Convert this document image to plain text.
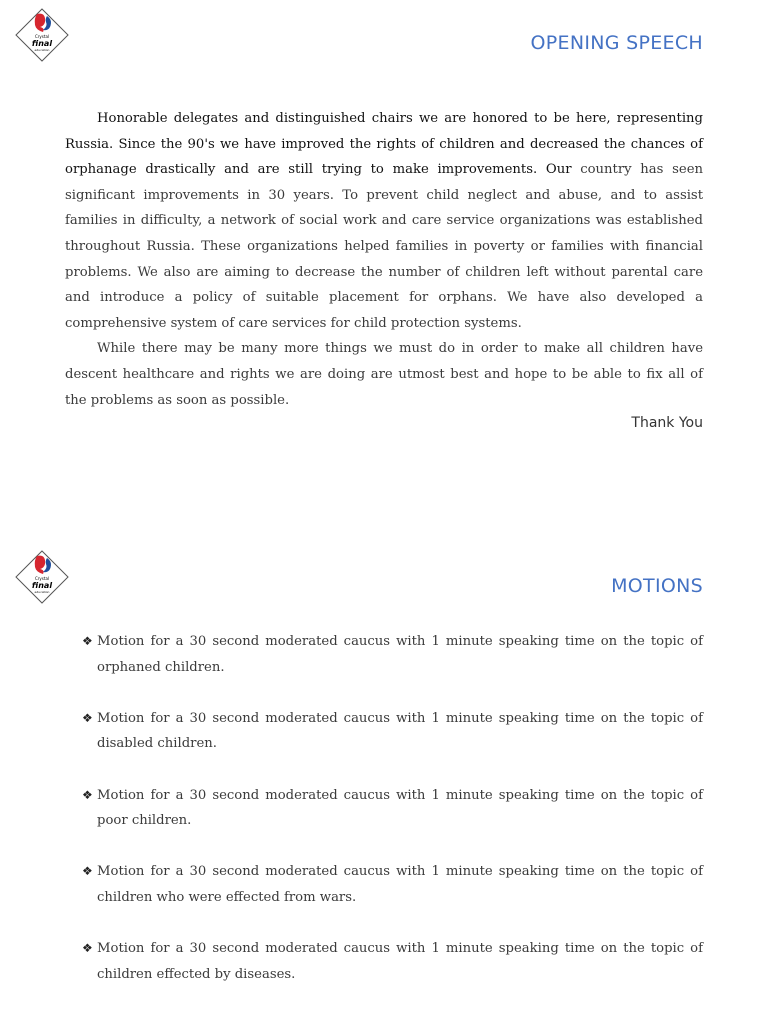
Crystal
final
education	OPENING SPEECH

Honorable delegates and distinguished chairs we are honored to be here, representing Russia. Since the 90's we have improved the rights of children and decreased the chances of orphanage drastically and are still trying to make improvements. Our country has seen significant improvements in 30 years. To prevent child neglect and abuse, and to assist families in difficulty, a network of social work and care service organizations was established throughout Russia. These organizations helped families in poverty or families with financial problems. We also are aiming to decrease the number of children left without parental care and introduce a policy of suitable placement for orphans. We have also developed a comprehensive system of care services for child protection systems.

While there may be many more things we must do in order to make all children have descent healthcare and rights we are doing are utmost best and hope to be able to fix all of the problems as soon as possible.

Thank You
Crystal
final
education	MOTIONS
❖ Motion for a 30 second moderated caucus with 1 minute speaking time on the topic of orphaned children.
❖ Motion for a 30 second moderated caucus with 1 minute speaking time on the topic of disabled children.
❖ Motion for a 30 second moderated caucus with 1 minute speaking time on the topic of poor children.
❖ Motion for a 30 second moderated caucus with 1 minute speaking time on the topic of children who were effected from wars.
❖ Motion for a 30 second moderated caucus with 1 minute speaking time on the topic of children effected by diseases.
